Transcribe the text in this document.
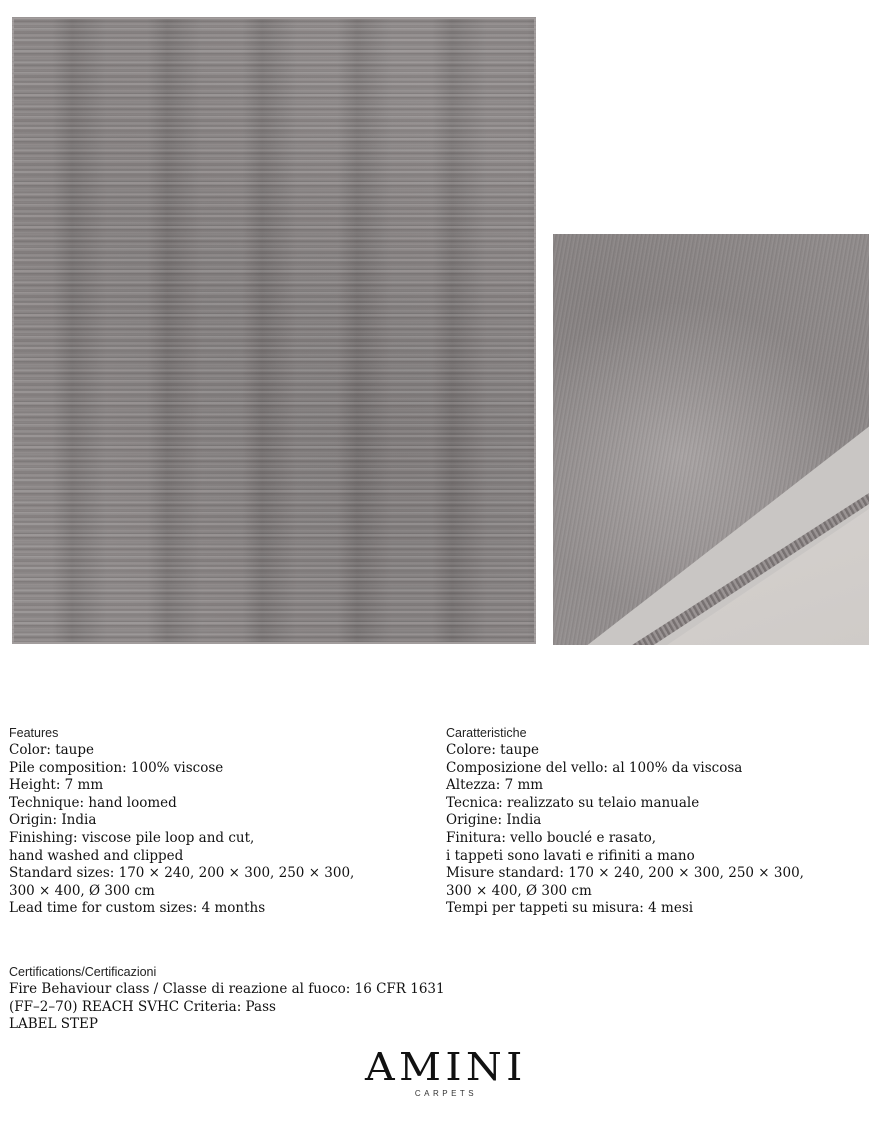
Features

Color: taupe

Pile composition: 100% viscose

Height: 7 mm

Technique: hand loomed

Origin: India

Finishing: viscose pile loop and cut,

hand washed and clipped

Standard sizes: 170 × 240, 200 × 300, 250 × 300,

300 × 400, Ø 300 cm

Lead time for custom sizes: 4 months

Caratteristiche

Colore: taupe

Composizione del vello: al 100% da viscosa

Altezza: 7 mm

Tecnica: realizzato su telaio manuale

Origine: India

Finitura: vello bouclé e rasato,

i tappeti sono lavati e rifiniti a mano

Misure standard: 170 × 240, 200 × 300, 250 × 300,

300 × 400, Ø 300 cm

Tempi per tappeti su misura: 4 mesi

Certifications/Certificazioni

Fire Behaviour class / Classe di reazione al fuoco: 16 CFR 1631

(FF–2–70) REACH SVHC Criteria: Pass

LABEL STEP

AMINI
CARPETS
